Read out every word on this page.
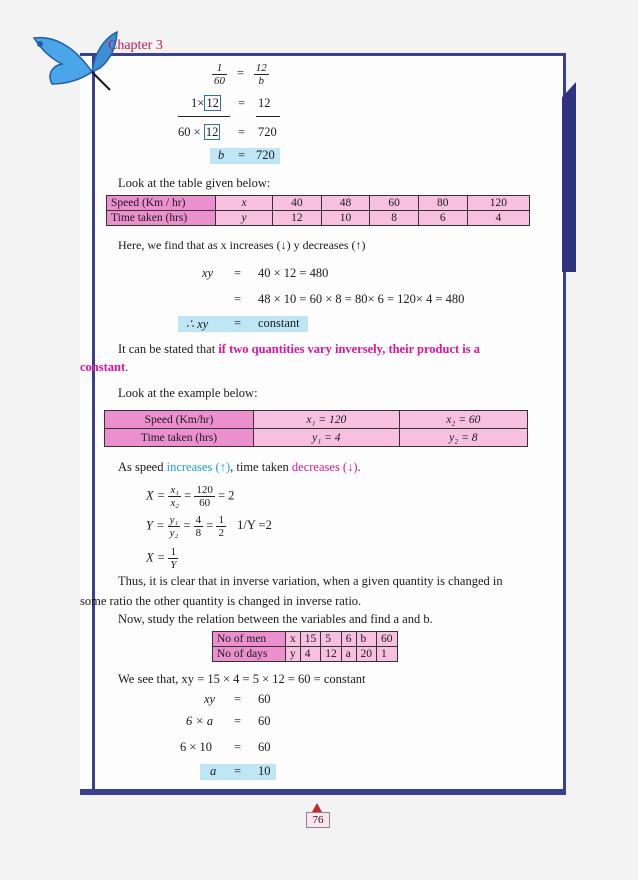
Chapter 3
$\frac{1}{60} = \frac{12}{b}$
1× 12 = 12
60 × 12 = 720
b = 720
Look at the table given below:
Speed (Km / hr)	x	40	48	60	80	120
Time taken (hrs)	y	12	10	8	6	4
Here, we find that as x increases (↓) y decreases (↑)
xy = 40 × 12 = 480
= 48 × 10 = 60 × 8 = 80× 6 = 120× 4 = 480
∴ xy = constant
It can be stated that if two quantities vary inversely, their product is a
constant.
Look at the example below:
Speed (Km/hr)	x₁ = 120	x₂ = 60
Time taken (hrs)	y₁ = 4	y₂ = 8
As speed increases (↑), time taken decreases (↓).
$X = \frac{\text{x₁}}{\text{x₂}} = \frac{120}{60} = 2$
$Y = \frac{\text{y₁}}{\text{y₂}} = \frac{4}{8} = \frac{1}{2} 1/Y =2$
$X = \frac{1}{Y}$
Thus, it is clear that in inverse variation, when a given quantity is changed in
some ratio the other quantity is changed in inverse ratio.
Now, study the relation between the variables and find a and b.
No of men	x	15	5	6	b	60
No of days	y	4	12	a	20	1
We see that, xy = 15 × 4 = 5 × 12 = 60 = constant
xy = 60
6 × a = 60
6 × 10 = 60
a = 10
76
